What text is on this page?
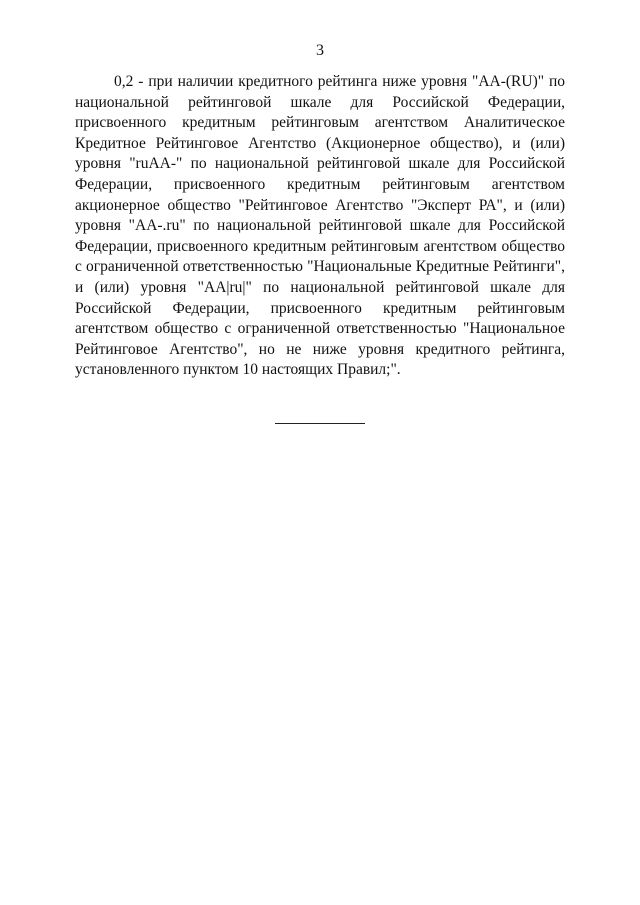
3

0,2 - при наличии кредитного рейтинга ниже уровня "AA-(RU)" по национальной рейтинговой шкале для Российской Федерации, присвоенного кредитным рейтинговым агентством Аналитическое Кредитное Рейтинговое Агентство (Акционерное общество), и (или) уровня "ruAA-" по национальной рейтинговой шкале для Российской Федерации, присвоенного кредитным рейтинговым агентством акционерное общество "Рейтинговое Агентство "Эксперт РА", и (или) уровня "AA-.ru" по национальной рейтинговой шкале для Российской Федерации, присвоенного кредитным рейтинговым агентством общество с ограниченной ответственностью "Национальные Кредитные Рейтинги", и (или) уровня "AA|ru|" по национальной рейтинговой шкале для Российской Федерации, присвоенного кредитным рейтинговым агентством общество с ограниченной ответственностью "Национальное Рейтинговое Агентство", но не ниже уровня кредитного рейтинга, установленного пунктом 10 настоящих Правил;".
